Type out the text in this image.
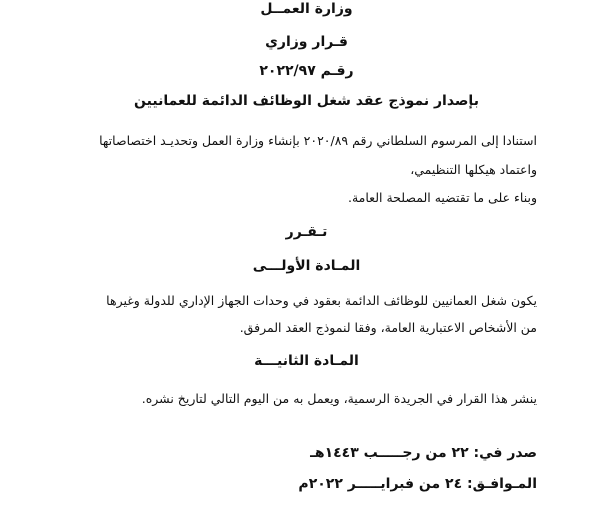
وزارة العمــل
قـرار وزاري
رقـم ٢٠٢٢/٩٧
بإصدار نموذج عقد شغل الوظائف الدائمة للعمانيين
استنادا إلى المرسوم السلطاني رقم ٢٠٢٠/٨٩ بإنشاء وزارة العمل وتحديـد اختصاصاتها
واعتماد هيكلها التنظيمي،
وبناء على ما تقتضيه المصلحة العامة.
تـقـرر
المـادة الأولـــى
يكون شغل العمانيين للوظائف الدائمة بعقود في وحدات الجهاز الإداري للدولة وغيرها
من الأشخاص الاعتبارية العامة، وفقا لنموذج العقد المرفق.
المـادة الثانيـــة
ينشر هذا القرار في الجريدة الرسمية، ويعمل به من اليوم التالي لتاريخ نشره.
صدر في: ٢٢ من رجـــــب ١٤٤٣هـ
المـوافـق: ٢٤ من فبرايـــــر ٢٠٢٢م
